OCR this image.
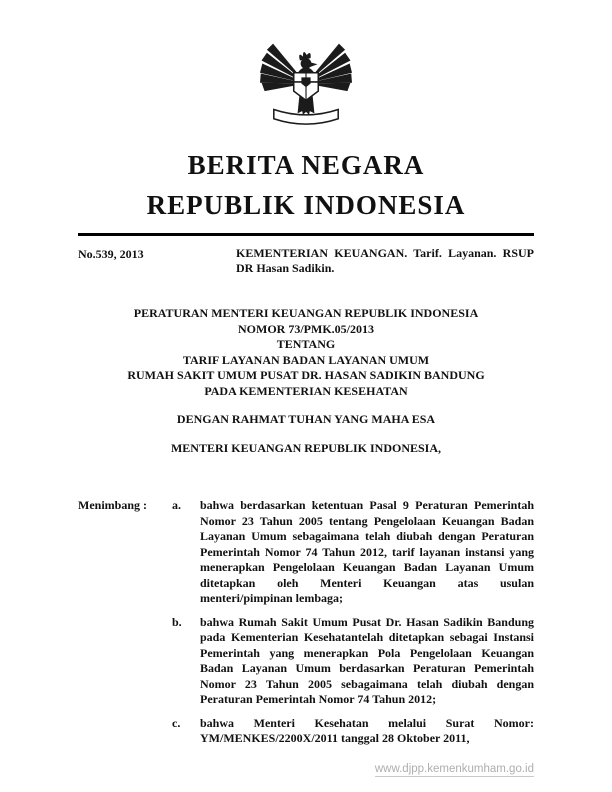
BERITA NEGARA
REPUBLIK INDONESIA
No.539, 2013	KEMENTERIAN KEUANGAN. Tarif. Layanan. RSUP DR Hasan Sadikin.
PERATURAN MENTERI KEUANGAN REPUBLIK INDONESIA
NOMOR 73/PMK.05/2013
TENTANG
TARIF LAYANAN BADAN LAYANAN UMUM
RUMAH SAKIT UMUM PUSAT DR. HASAN SADIKIN BANDUNG
PADA KEMENTERIAN KESEHATAN
DENGAN RAHMAT TUHAN YANG MAHA ESA
MENTERI KEUANGAN REPUBLIK INDONESIA,
Menimbang :	a.	bahwa berdasarkan ketentuan Pasal 9 Peraturan Pemerintah Nomor 23 Tahun 2005 tentang Pengelolaan Keuangan Badan Layanan Umum sebagaimana telah diubah dengan Peraturan Pemerintah Nomor 74 Tahun 2012, tarif layanan instansi yang menerapkan Pengelolaan Keuangan Badan Layanan Umum ditetapkan oleh Menteri Keuangan atas usulan menteri/pimpinan lembaga;
b.	bahwa Rumah Sakit Umum Pusat Dr. Hasan Sadikin Bandung pada Kementerian Kesehatantelah ditetapkan sebagai Instansi Pemerintah yang menerapkan Pola Pengelolaan Keuangan Badan Layanan Umum berdasarkan Peraturan Pemerintah Nomor 23 Tahun 2005 sebagaimana telah diubah dengan Peraturan Pemerintah Nomor 74 Tahun 2012;
c.	bahwa Menteri Kesehatan melalui Surat Nomor: YM/MENKES/2200X/2011 tanggal 28 Oktober 2011,
www.djpp.kemenkumham.go.id
